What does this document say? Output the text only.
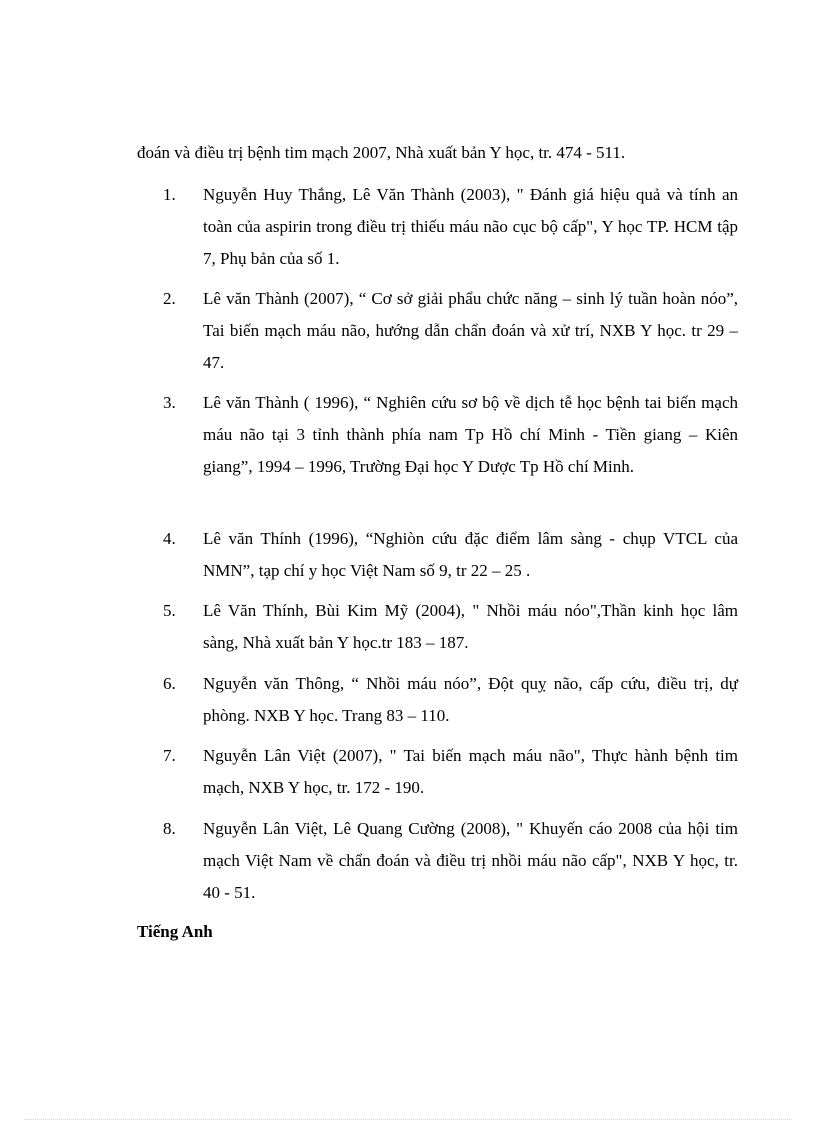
đoán và điều trị bệnh tim mạch 2007, Nhà xuất bản Y học, tr. 474 - 511.
1. Nguyễn Huy Thắng, Lê Văn Thành (2003), " Đánh giá hiệu quả và tính an toàn của aspirin trong điều trị thiếu máu não cục bộ cấp", Y học TP. HCM tập 7, Phụ bản của số 1.
2. Lê văn Thành (2007), “ Cơ sở giải phẩu chức năng – sinh lý tuần hoàn nóo”, Tai biến mạch máu não, hướng dẫn chẩn đoán và xử trí, NXB Y học. tr 29 – 47.
3. Lê văn Thành ( 1996), “ Nghiên cứu sơ bộ về dịch tễ học bệnh tai biến mạch máu não tại 3 tỉnh thành phía nam Tp Hồ chí Minh - Tiền giang – Kiên giang”, 1994 – 1996, Trường Đại học Y Dược Tp Hồ chí Minh.
4. Lê văn Thính (1996), “Nghiòn cứu đặc điểm lâm sàng - chụp VTCL của NMN”, tạp chí y học Việt Nam số 9, tr 22 – 25 .
5. Lê Văn Thính, Bùi Kim Mỹ (2004), " Nhồi máu nóo",Thần kinh học lâm sàng, Nhà xuất bản Y học.tr 183 – 187.
6. Nguyễn văn Thông, “ Nhồi máu nóo”, Đột quỵ não, cấp cứu, điều trị, dự phòng. NXB Y học. Trang 83 – 110.
7. Nguyễn Lân Việt (2007), " Tai biến mạch máu não", Thực hành bệnh tim mạch, NXB Y học, tr. 172 - 190.
8. Nguyễn Lân Việt, Lê Quang Cường (2008), " Khuyến cáo 2008 của hội tim mạch Việt Nam về chẩn đoán và điều trị nhồi máu não cấp", NXB Y học, tr. 40 - 51.
Tiếng Anh
